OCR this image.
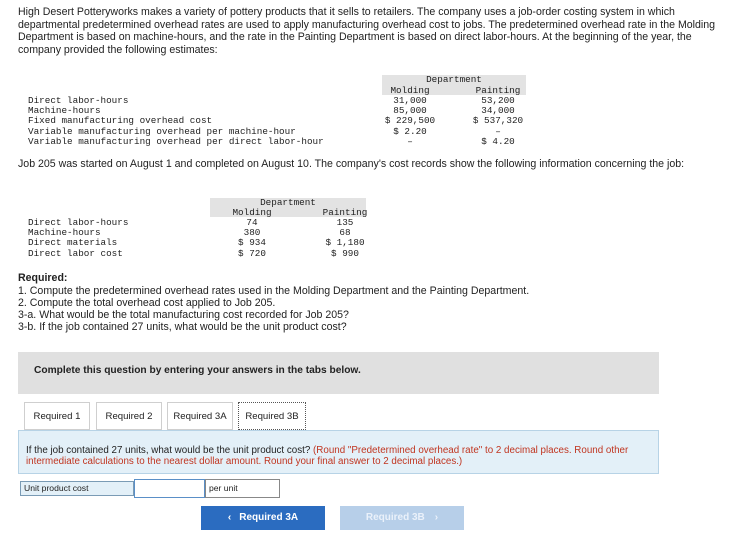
High Desert Potteryworks makes a variety of pottery products that it sells to retailers. The company uses a job-order costing system in which departmental predetermined overhead rates are used to apply manufacturing overhead cost to jobs. The predetermined overhead rate in the Molding Department is based on machine-hours, and the rate in the Painting Department is based on direct labor-hours. At the beginning of the year, the company provided the following estimates:
Department
Molding	Painting
Direct labor-hours	31,000	53,200
Machine-hours	85,000	34,000
Fixed manufacturing overhead cost	$ 229,500	$ 537,320
Variable manufacturing overhead per machine-hour	$ 2.20	–
Variable manufacturing overhead per direct labor-hour	–	$ 4.20
Job 205 was started on August 1 and completed on August 10. The company's cost records show the following information concerning the job:
Department
Molding	Painting
Direct labor-hours	74	135
Machine-hours	380	68
Direct materials	$ 934	$ 1,180
Direct labor cost	$ 720	$ 990
Required:
1. Compute the predetermined overhead rates used in the Molding Department and the Painting Department.
2. Compute the total overhead cost applied to Job 205.
3-a. What would be the total manufacturing cost recorded for Job 205?
3-b. If the job contained 27 units, what would be the unit product cost?
Complete this question by entering your answers in the tabs below.
Required 1	Required 2	Required 3A	Required 3B
If the job contained 27 units, what would be the unit product cost? (Round "Predetermined overhead rate" to 2 decimal places. Round other intermediate calculations to the nearest dollar amount. Round your final answer to 2 decimal places.)
Unit product cost	per unit
‹ Required 3A	Required 3B ›
